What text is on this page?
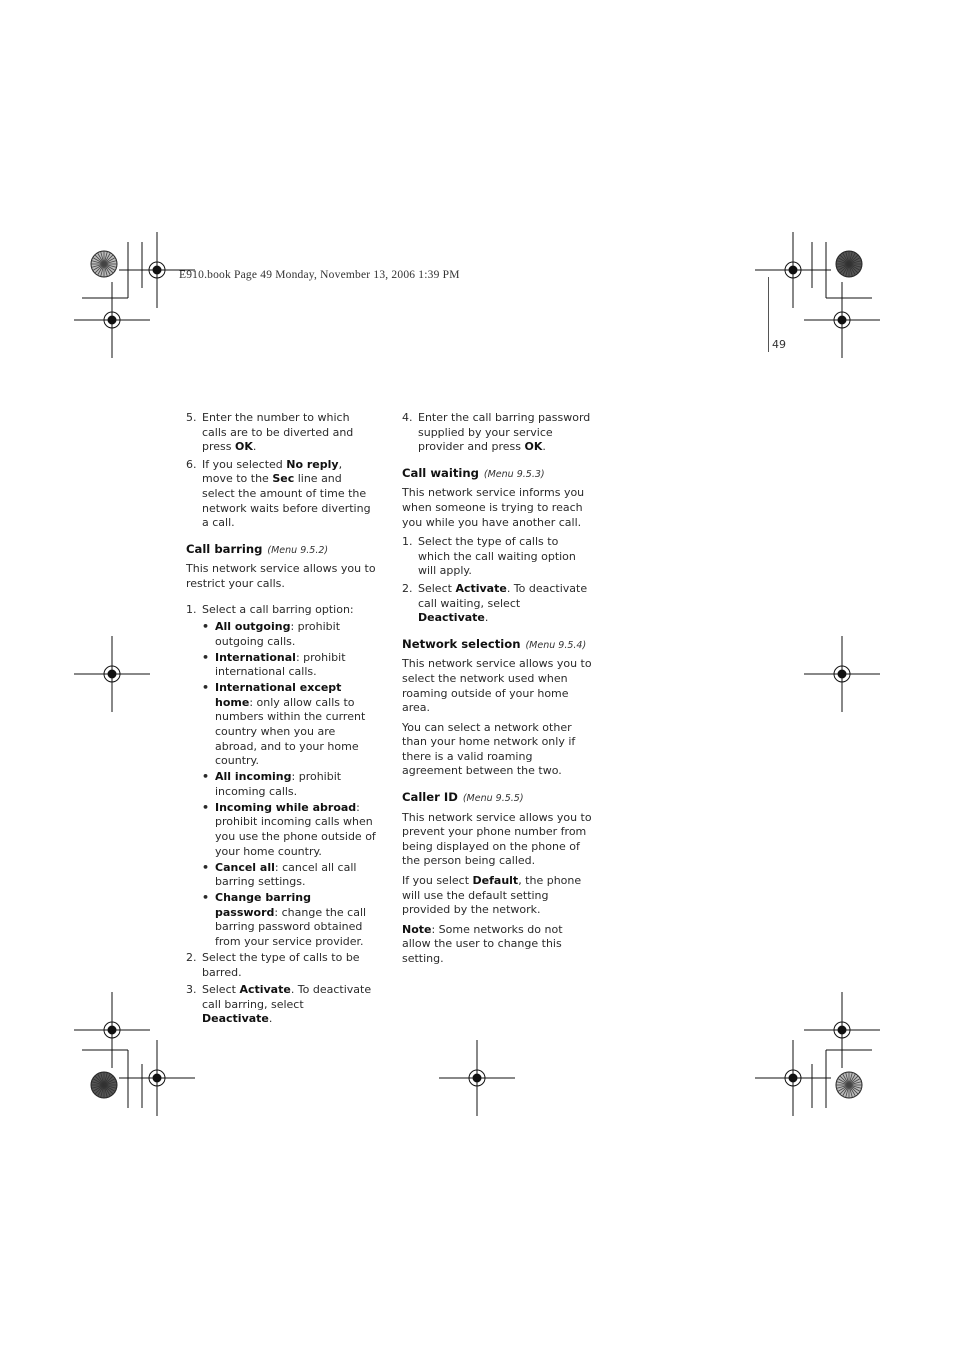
E910.book Page 49 Monday, November 13, 2006 1:39 PM
49
5. Enter the number to which calls are to be diverted and press OK.
6. If you selected No reply, move to the Sec line and select the amount of time the network waits before diverting a call.
Call barring (Menu 9.5.2)
This network service allows you to restrict your calls.
1. Select a call barring option:
• All outgoing: prohibit outgoing calls.
• International: prohibit international calls.
• International except home: only allow calls to numbers within the current country when you are abroad, and to your home country.
• All incoming: prohibit incoming calls.
• Incoming while abroad: prohibit incoming calls when you use the phone outside of your home country.
• Cancel all: cancel all call barring settings.
• Change barring password: change the call barring password obtained from your service provider.
2. Select the type of calls to be barred.
3. Select Activate. To deactivate call barring, select Deactivate.
4. Enter the call barring password supplied by your service provider and press OK.
Call waiting (Menu 9.5.3)
This network service informs you when someone is trying to reach you while you have another call.
1. Select the type of calls to which the call waiting option will apply.
2. Select Activate. To deactivate call waiting, select Deactivate.
Network selection (Menu 9.5.4)
This network service allows you to select the network used when roaming outside of your home area.
You can select a network other than your home network only if there is a valid roaming agreement between the two.
Caller ID (Menu 9.5.5)
This network service allows you to prevent your phone number from being displayed on the phone of the person being called.
If you select Default, the phone will use the default setting provided by the network.
Note: Some networks do not allow the user to change this setting.
